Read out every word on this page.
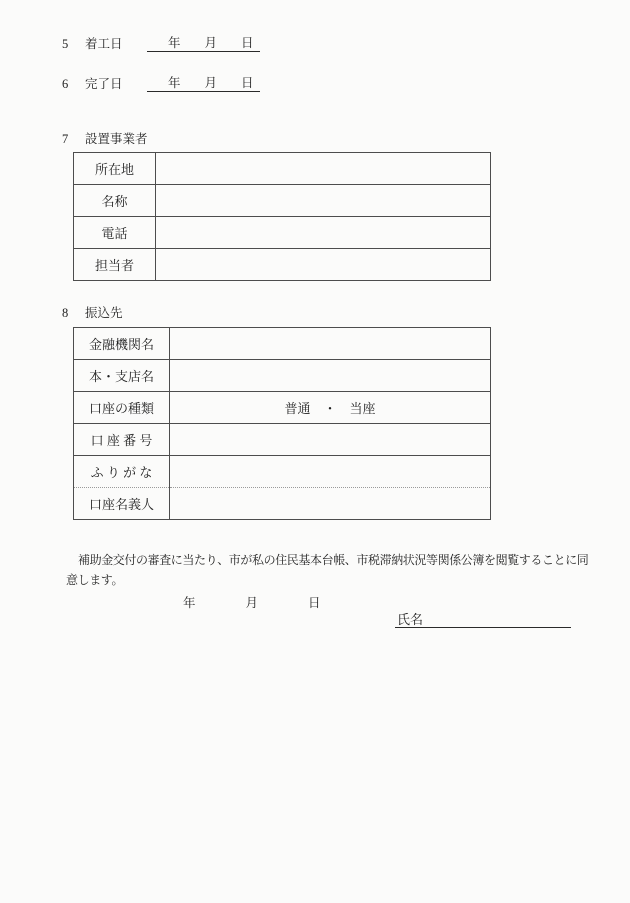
5 着工日	年 月 日
6 完了日	年 月 日
7 設置事業者
所在地	
名称	
電話	
担当者	
8 振込先
金融機関名	
本・支店名	
口座の種類	普通　・　当座
口 座 番 号	
ふ り が な	
口座名義人	
補助金交付の審査に当たり、市が私の住民基本台帳、市税滞納状況等関係公簿を閲覧することに同
意します。
年	月	日
氏名
